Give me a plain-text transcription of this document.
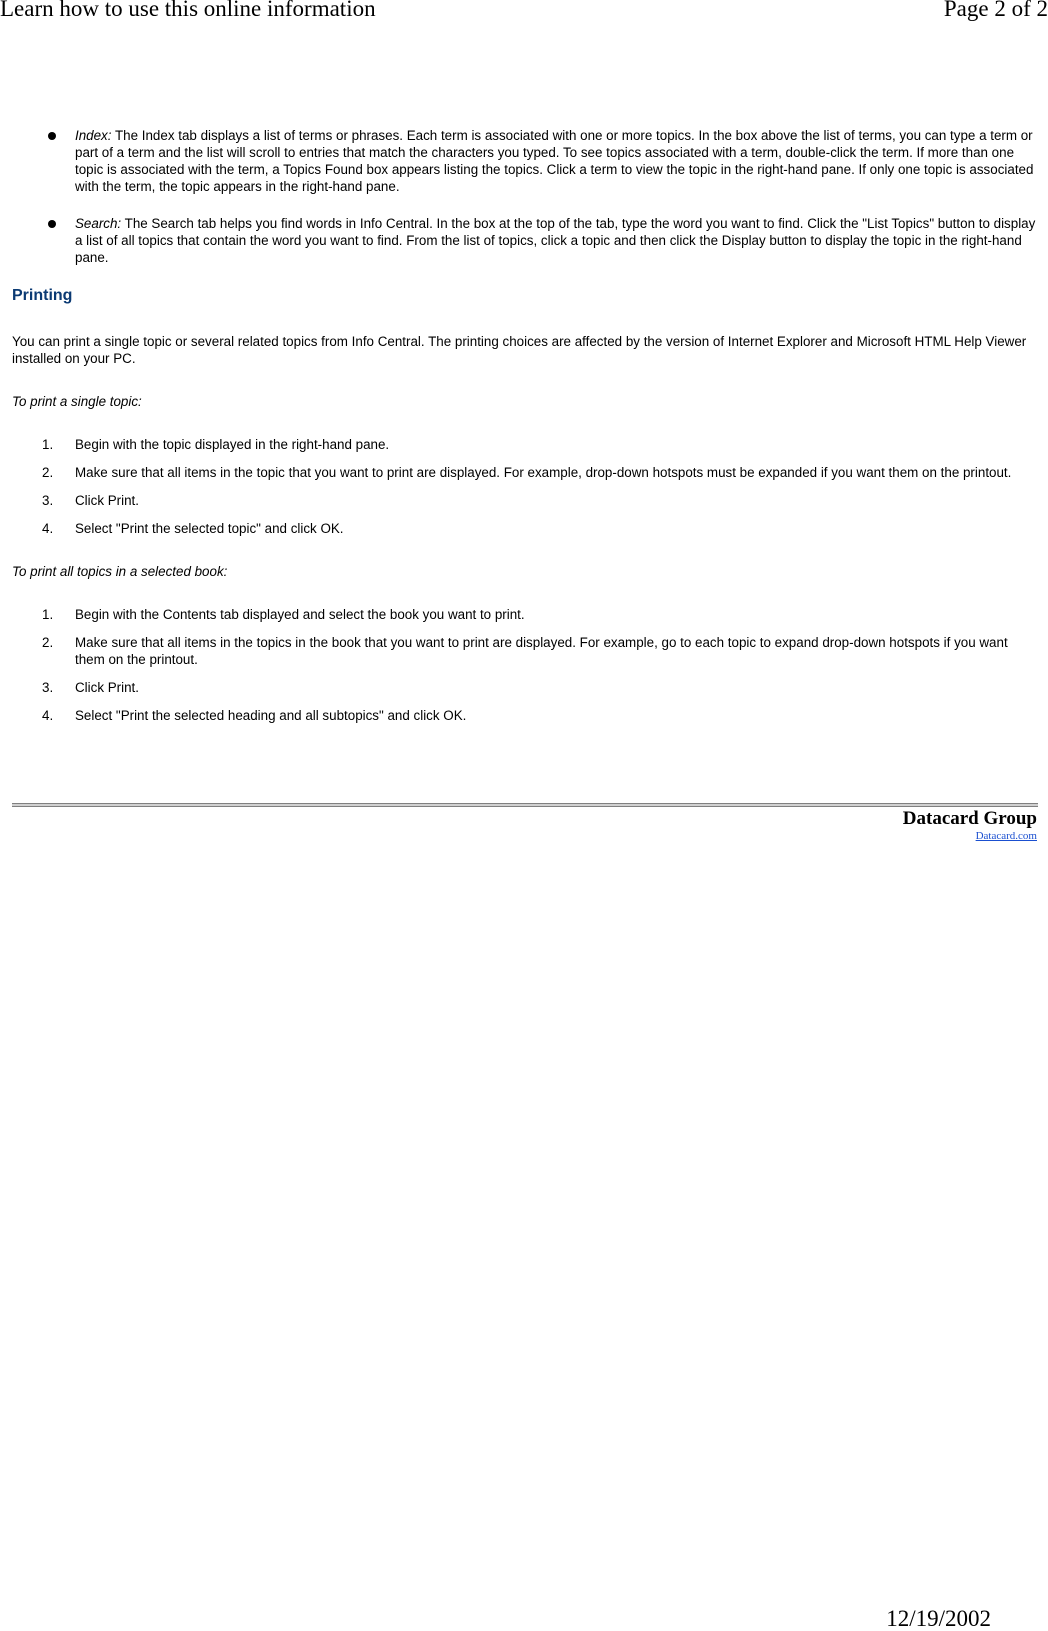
Learn how to use this online information	Page 2 of 2
Index: The Index tab displays a list of terms or phrases. Each term is associated with one or more topics. In the box above the list of terms, you can type a term or part of a term and the list will scroll to entries that match the characters you typed. To see topics associated with a term, double-click the term. If more than one topic is associated with the term, a Topics Found box appears listing the topics. Click a term to view the topic in the right-hand pane. If only one topic is associated with the term, the topic appears in the right-hand pane.
Search: The Search tab helps you find words in Info Central. In the box at the top of the tab, type the word you want to find. Click the "List Topics" button to display a list of all topics that contain the word you want to find. From the list of topics, click a topic and then click the Display button to display the topic in the right-hand pane.
Printing

You can print a single topic or several related topics from Info Central. The printing choices are affected by the version of Internet Explorer and Microsoft HTML Help Viewer installed on your PC.

To print a single topic:

1. Begin with the topic displayed in the right-hand pane.
2. Make sure that all items in the topic that you want to print are displayed. For example, drop-down hotspots must be expanded if you want them on the printout.
3. Click Print.
4. Select "Print the selected topic" and click OK.

To print all topics in a selected book:

1. Begin with the Contents tab displayed and select the book you want to print.
2. Make sure that all items in the topics in the book that you want to print are displayed. For example, go to each topic to expand drop-down hotspots if you want them on the printout.
3. Click Print.
4. Select "Print the selected heading and all subtopics" and click OK.
Datacard Group
Datacard.com
12/19/2002
